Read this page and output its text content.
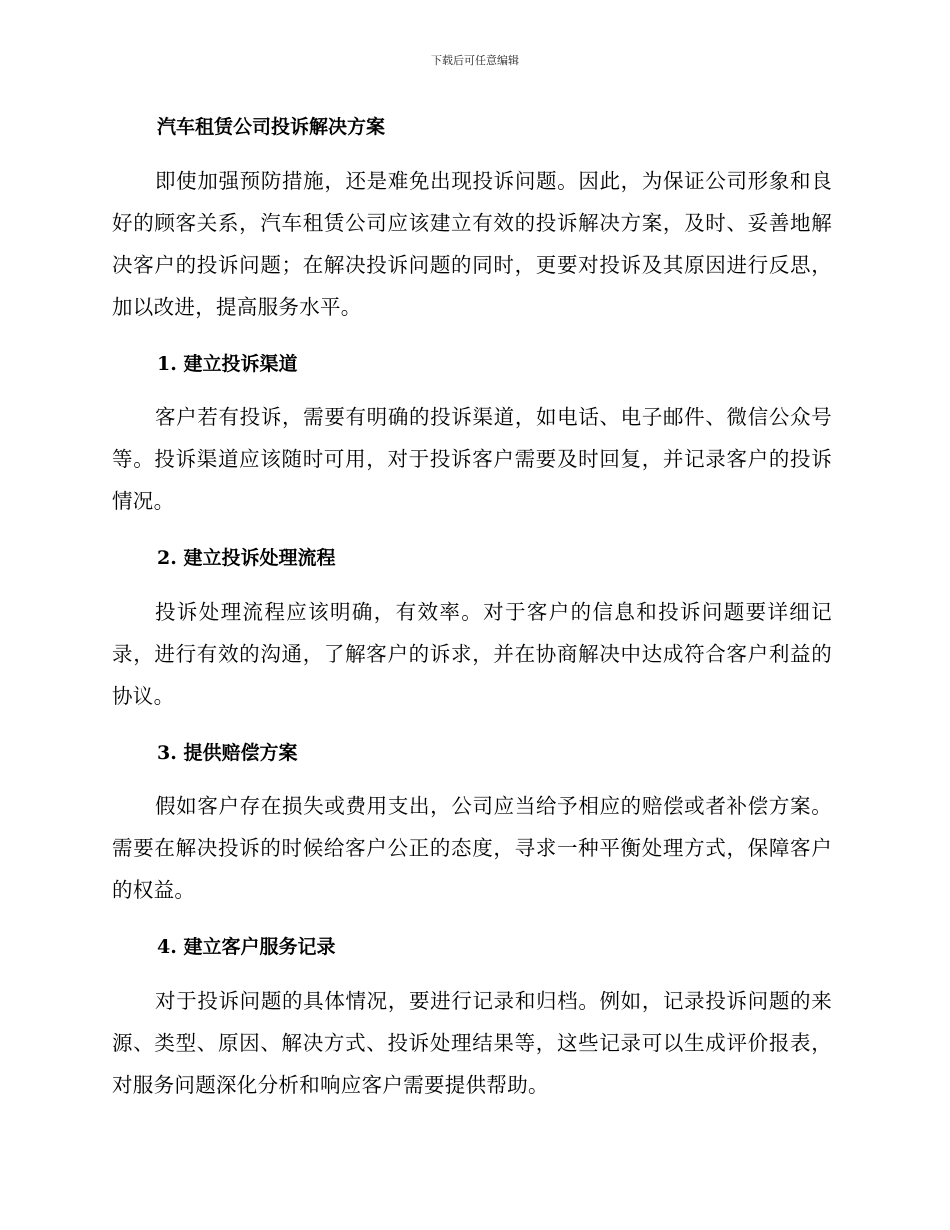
下载后可任意编辑
汽车租赁公司投诉解决方案
即使加强预防措施，还是难免出现投诉问题。因此，为保证公司形象和良好的顾客关系，汽车租赁公司应该建立有效的投诉解决方案，及时、妥善地解决客户的投诉问题；在解决投诉问题的同时，更要对投诉及其原因进行反思，加以改进，提高服务水平。
1. 建立投诉渠道
客户若有投诉，需要有明确的投诉渠道，如电话、电子邮件、微信公众号等。投诉渠道应该随时可用，对于投诉客户需要及时回复，并记录客户的投诉情况。
2. 建立投诉处理流程
投诉处理流程应该明确，有效率。对于客户的信息和投诉问题要详细记录，进行有效的沟通，了解客户的诉求，并在协商解决中达成符合客户利益的协议。
3. 提供赔偿方案
假如客户存在损失或费用支出，公司应当给予相应的赔偿或者补偿方案。需要在解决投诉的时候给客户公正的态度，寻求一种平衡处理方式，保障客户的权益。
4. 建立客户服务记录
对于投诉问题的具体情况，要进行记录和归档。例如，记录投诉问题的来源、类型、原因、解决方式、投诉处理结果等，这些记录可以生成评价报表，对服务问题深化分析和响应客户需要提供帮助。
